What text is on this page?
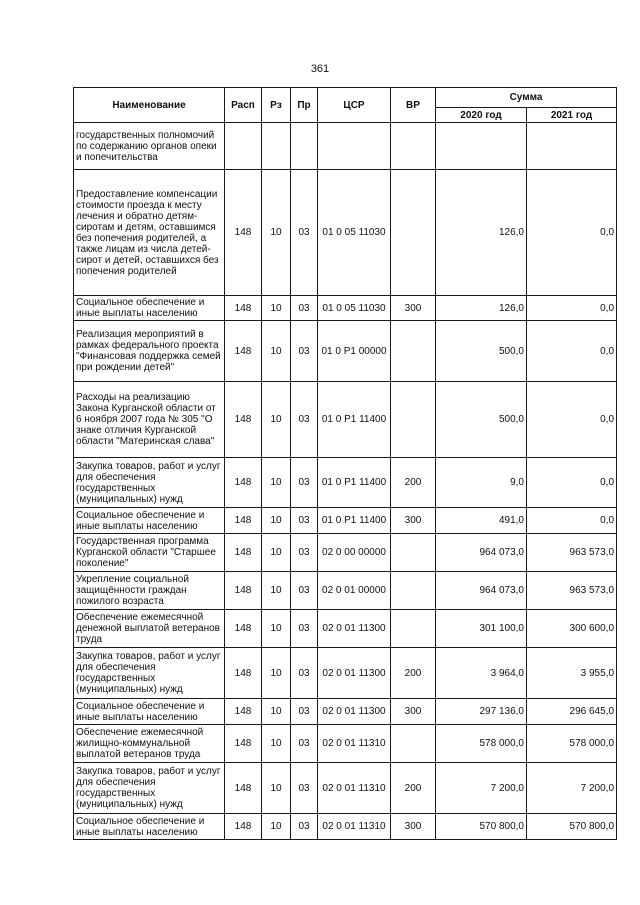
361
Наименование	Расп	Рз	Пр	ЦСР	ВР	Сумма	
						2020 год	2021 год
государственных полномочий по содержанию органов опеки и попечительства							
Предоставление компенсации стоимости проезда к месту лечения и обратно детям-сиротам и детям, оставшимся без попечения родителей, а также лицам из числа детей-сирот и детей, оставшихся без попечения родителей	148	10	03	01 0 05 11030		126,0	0,0
Социальное обеспечение и иные выплаты населению	148	10	03	01 0 05 11030	300	126,0	0,0
Реализация мероприятий в рамках федерального проекта "Финансовая поддержка семей при рождении детей"	148	10	03	01 0 P1 00000		500,0	0,0
Расходы на реализацию Закона Курганской области от 6 ноября 2007 года № 305 "О знаке отличия Курганской области "Материнская слава"	148	10	03	01 0 P1 11400		500,0	0,0
Закупка товаров, работ и услуг для обеспечения государственных (муниципальных) нужд	148	10	03	01 0 P1 11400	200	9,0	0,0
Социальное обеспечение и иные выплаты населению	148	10	03	01 0 P1 11400	300	491,0	0,0
Государственная программа Курганской области "Старшее поколение"	148	10	03	02 0 00 00000		964 073,0	963 573,0
Укрепление социальной защищённости граждан пожилого возраста	148	10	03	02 0 01 00000		964 073,0	963 573,0
Обеспечение ежемесячной денежной выплатой ветеранов труда	148	10	03	02 0 01 11300		301 100,0	300 600,0
Закупка товаров, работ и услуг для обеспечения государственных (муниципальных) нужд	148	10	03	02 0 01 11300	200	3 964,0	3 955,0
Социальное обеспечение и иные выплаты населению	148	10	03	02 0 01 11300	300	297 136,0	296 645,0
Обеспечение ежемесячной жилищно-коммунальной выплатой ветеранов труда	148	10	03	02 0 01 11310		578 000,0	578 000,0
Закупка товаров, работ и услуг для обеспечения государственных (муниципальных) нужд	148	10	03	02 0 01 11310	200	7 200,0	7 200,0
Социальное обеспечение и иные выплаты населению	148	10	03	02 0 01 11310	300	570 800,0	570 800,0
